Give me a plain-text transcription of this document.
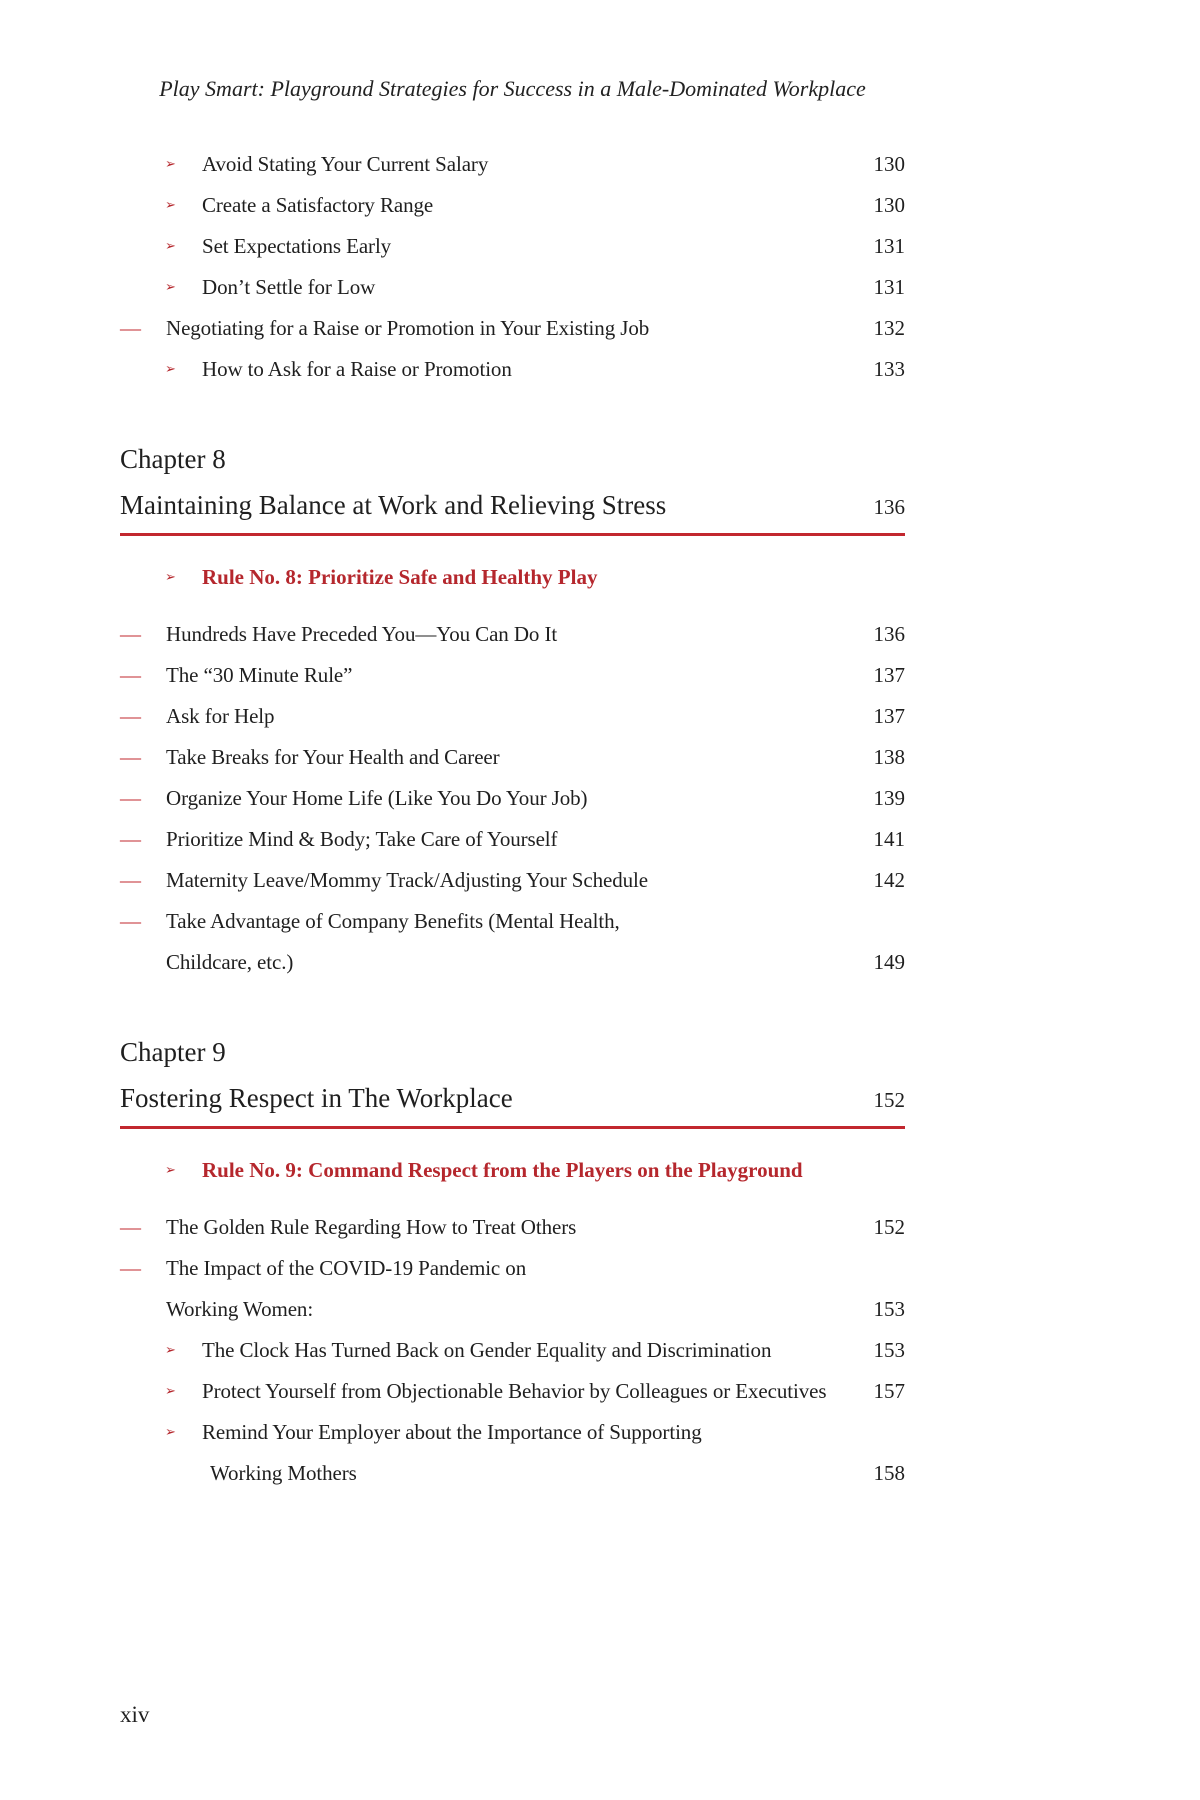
Play Smart: Playground Strategies for Success in a Male-Dominated Workplace
➢ Avoid Stating Your Current Salary	130
➢ Create a Satisfactory Range	130
➢ Set Expectations Early	131
➢ Don’t Settle for Low	131
— Negotiating for a Raise or Promotion in Your Existing Job	132
➢ How to Ask for a Raise or Promotion	133
Chapter 8
Maintaining Balance at Work and Relieving Stress	136
➢ Rule No. 8: Prioritize Safe and Healthy Play
— Hundreds Have Preceded You—You Can Do It	136
— The “30 Minute Rule”	137
— Ask for Help	137
— Take Breaks for Your Health and Career	138
— Organize Your Home Life (Like You Do Your Job)	139
— Prioritize Mind & Body; Take Care of Yourself	141
— Maternity Leave/Mommy Track/Adjusting Your Schedule	142
— Take Advantage of Company Benefits (Mental Health,
Childcare, etc.)	149
Chapter 9
Fostering Respect in The Workplace	152
➢ Rule No. 9: Command Respect from the Players on the Playground
— The Golden Rule Regarding How to Treat Others	152
— The Impact of the COVID-19 Pandemic on
Working Women:	153
➢ The Clock Has Turned Back on Gender Equality and Discrimination	153
➢ Protect Yourself from Objectionable Behavior by Colleagues or Executives 157
➢ Remind Your Employer about the Importance of Supporting
Working Mothers	158
xiv
